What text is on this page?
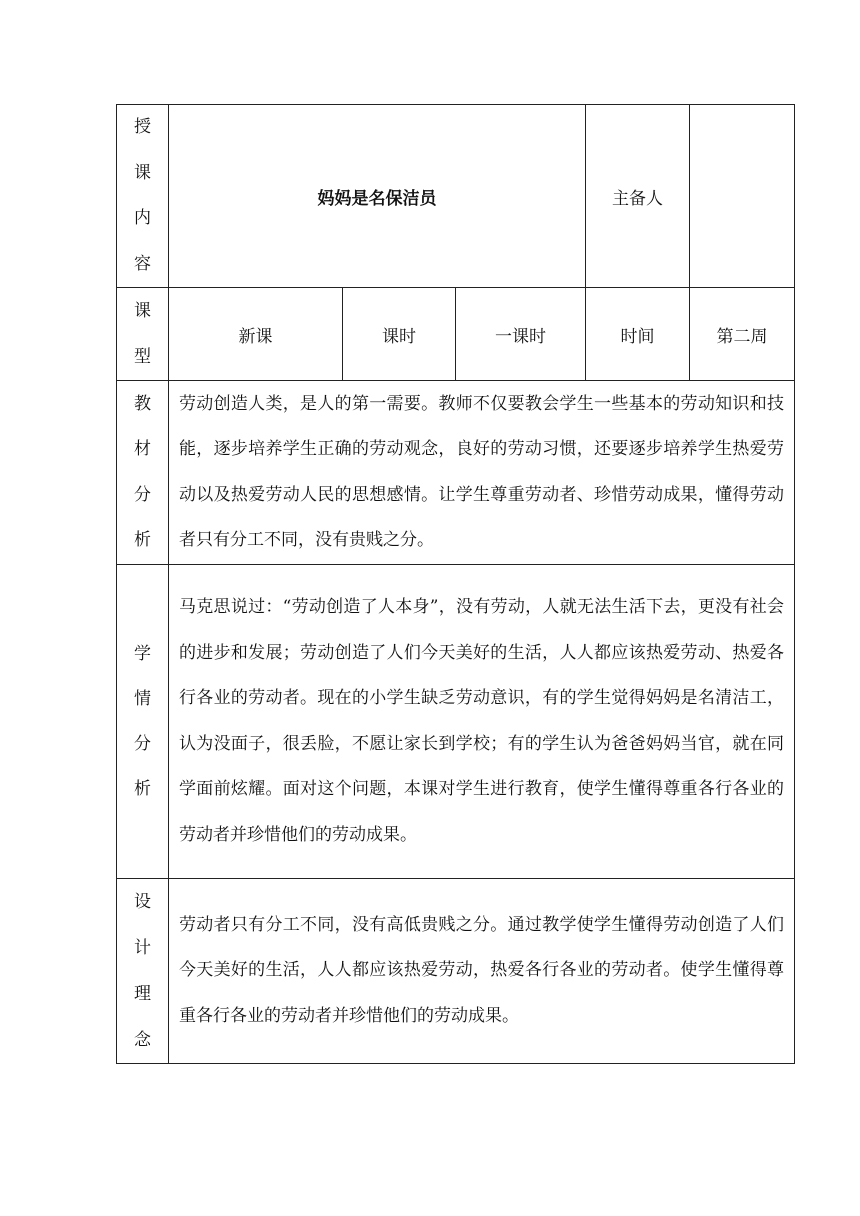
授
课
内
容	妈妈是名保洁员			主备人	

课
型	新课	课时	一课时	时间	第二周

教
材
分
析	劳动创造人类，是人的第一需要。教师不仅要教会学生一些基本的劳动知识和技能，逐步培养学生正确的劳动观念，良好的劳动习惯，还要逐步培养学生热爱劳动以及热爱劳动人民的思想感情。让学生尊重劳动者、珍惜劳动成果，懂得劳动者只有分工不同，没有贵贱之分。				

学
情
分
析	马克思说过：“劳动创造了人本身”，没有劳动，人就无法生活下去，更没有社会的进步和发展；劳动创造了人们今天美好的生活，人人都应该热爱劳动、热爱各行各业的劳动者。现在的小学生缺乏劳动意识，有的学生觉得妈妈是名清洁工，认为没面子，很丢脸，不愿让家长到学校；有的学生认为爸爸妈妈当官，就在同学面前炫耀。面对这个问题，本课对学生进行教育，使学生懂得尊重各行各业的劳动者并珍惜他们的劳动成果。				

设
计
理
念	劳动者只有分工不同，没有高低贵贱之分。通过教学使学生懂得劳动创造了人们今天美好的生活，人人都应该热爱劳动，热爱各行各业的劳动者。使学生懂得尊重各行各业的劳动者并珍惜他们的劳动成果。				
